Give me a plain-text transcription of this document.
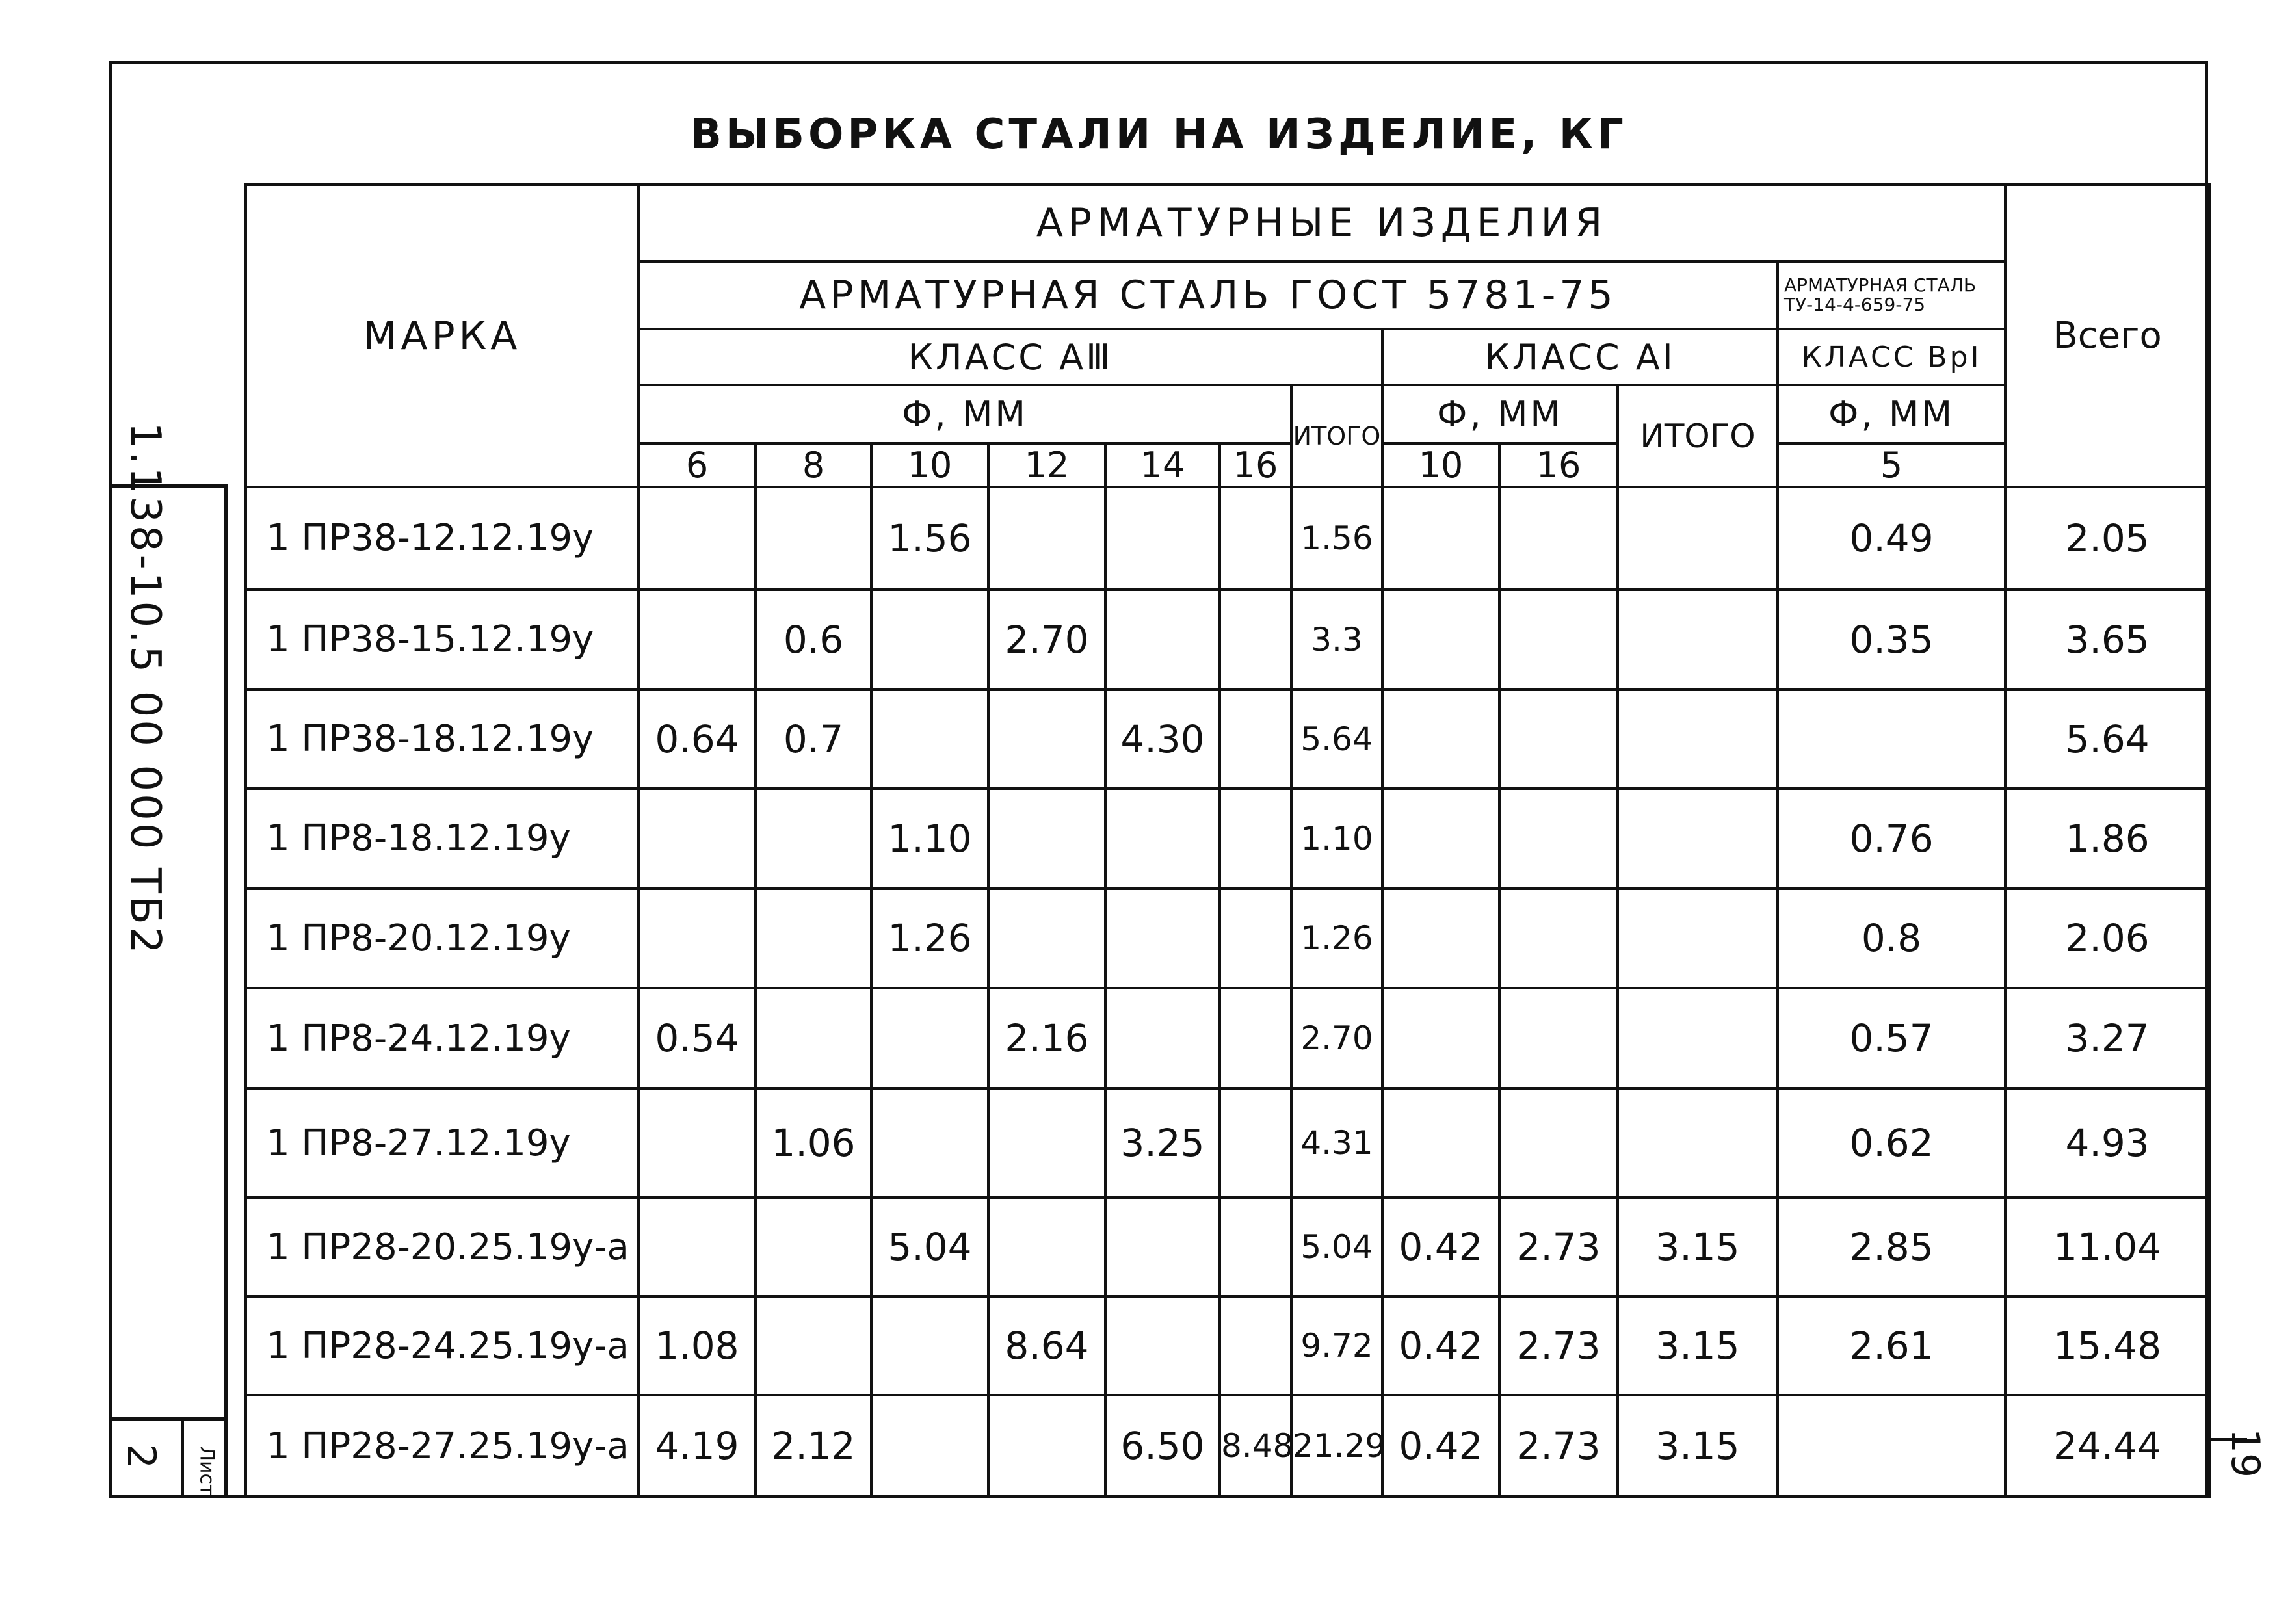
ВЫБОРКА СТАЛИ НА ИЗДЕЛИЕ, КГ
1.138-10.5 00 000 ТБ2
Лист
2	19
МАРКА	АРМАТУРНЫЕ ИЗДЕЛИЯ											Всего
	АРМАТУРНАЯ СТАЛЬ ГОСТ 5781-75										АРМАТУРНАЯ СТАЛЬ ТУ-14-4-659-75	
	КЛАСС АⅢ							КЛАСС АI			КЛАСС ВрI	
	Ф, ММ						ИТОГО	Ф, ММ		ИТОГО	Ф, ММ	
	6	8	10	12	14	16		10	16		5	
1 ПР38-12.12.19у			1.56				1.56				0.49	2.05
1 ПР38-15.12.19у		0.6		2.70			3.3				0.35	3.65
1 ПР38-18.12.19у	0.64	0.7			4.30		5.64					5.64
1 ПР8-18.12.19у			1.10				1.10				0.76	1.86
1 ПР8-20.12.19у			1.26				1.26				0.8	2.06
1 ПР8-24.12.19у	0.54			2.16			2.70				0.57	3.27
1 ПР8-27.12.19у		1.06			3.25		4.31				0.62	4.93
1 ПР28-20.25.19у-а			5.04				5.04	0.42	2.73	3.15	2.85	11.04
1 ПР28-24.25.19у-а	1.08			8.64			9.72	0.42	2.73	3.15	2.61	15.48
1 ПР28-27.25.19у-а	4.19	2.12			6.50	8.48	21.29	0.42	2.73	3.15		24.44
